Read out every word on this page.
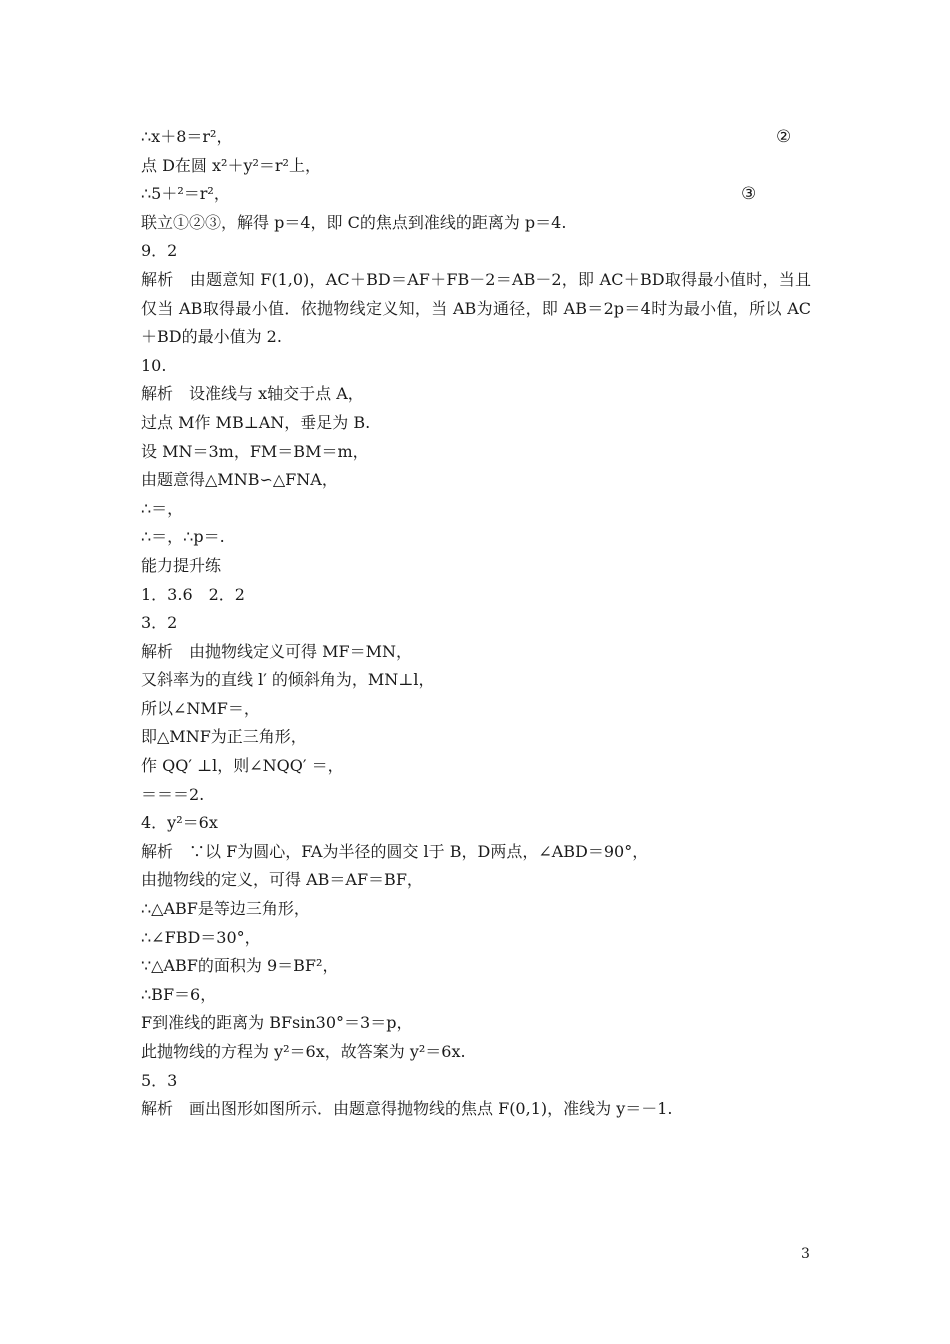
∴x＋8＝r²，	②
点 D在圆 x²＋y²＝r²上，
∴5＋²＝r²，	③
联立①②③，解得 p＝4，即 C的焦点到准线的距离为 p＝4.
9．2
解析　由题意知 F(1,0)，AC＋BD＝AF＋FB－2＝AB－2，即 AC＋BD取得最小值时，当且仅当 AB取得最小值．依抛物线定义知，当 AB为通径，即 AB＝2p＝4时为最小值，所以 AC＋BD的最小值为 2.
10.
解析　设准线与 x轴交于点 A，
过点 M作 MB⊥AN，垂足为 B.
设 MN＝3m，FM＝BM＝m，
由题意得△MNB∽△FNA，
∴＝，
∴＝，∴p＝.
能力提升练
1．3.6　2．2
3．2
解析　由抛物线定义可得 MF＝MN，
又斜率为的直线 l′ 的倾斜角为，MN⊥l，
所以∠NMF＝，
即△MNF为正三角形，
作 QQ′ ⊥l，则∠NQQ′ ＝，
＝＝＝2.
4．y²＝6x
解析　∵以 F为圆心，FA为半径的圆交 l于 B，D两点，∠ABD＝90°，
由抛物线的定义，可得 AB＝AF＝BF，
∴△ABF是等边三角形，
∴∠FBD＝30°，
∵△ABF的面积为 9＝BF²，
∴BF＝6，
F到准线的距离为 BFsin30°＝3＝p，
此抛物线的方程为 y²＝6x，故答案为 y²＝6x.
5．3
解析　画出图形如图所示．由题意得抛物线的焦点 F(0,1)，准线为 y＝－1.
3
